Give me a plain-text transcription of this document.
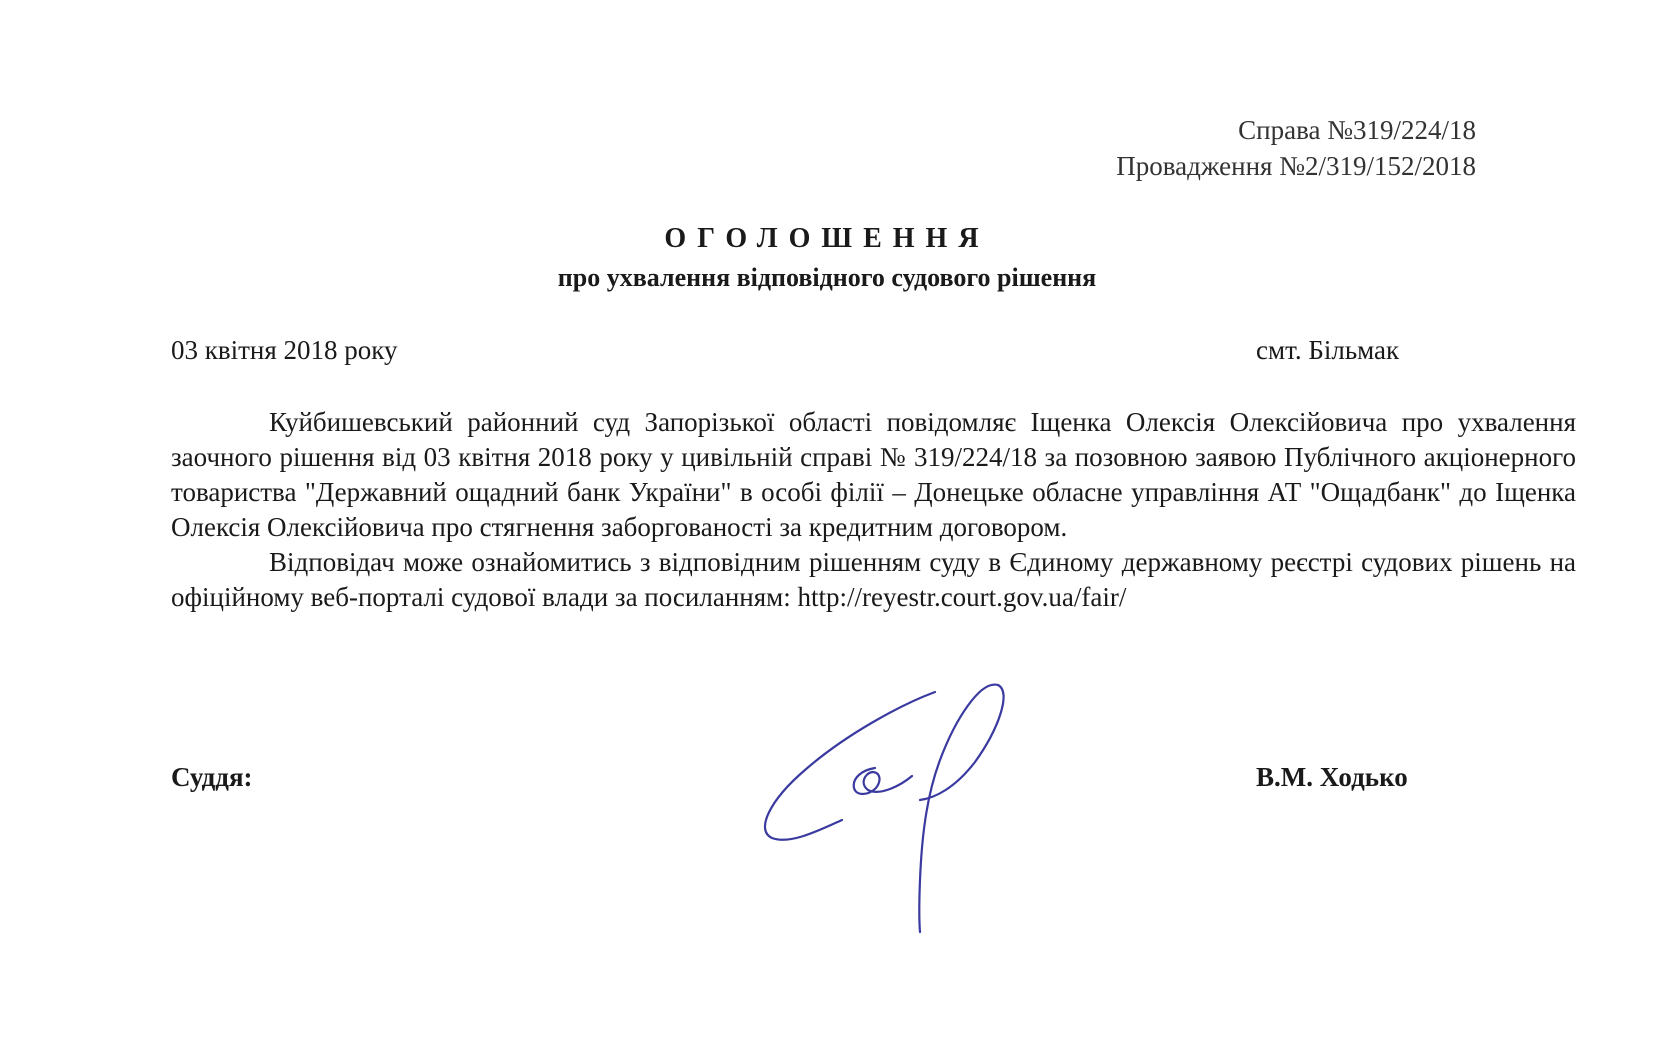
Справа №319/224/18
Провадження №2/319/152/2018
ОГОЛОШЕННЯ
про ухвалення відповідного судового рішення
03 квітня 2018 року	смт. Більмак

Куйбишевський районний суд Запорізької області повідомляє Іщенка Олексія Олексійовича про ухвалення заочного рішення від 03 квітня 2018 року у цивільній справі № 319/224/18 за позовною заявою Публічного акціонерного товариства "Державний ощадний банк України" в особі філії – Донецьке обласне управління АТ "Ощадбанк" до Іщенка Олексія Олексійовича про стягнення заборгованості за кредитним договором.

Відповідач може ознайомитись з відповідним рішенням суду в Єдиному державному реєстрі судових рішень на офіційному веб-порталі судової влади за посиланням: http://reyestr.court.gov.ua/fair/

Суддя:	В.М. Ходько
